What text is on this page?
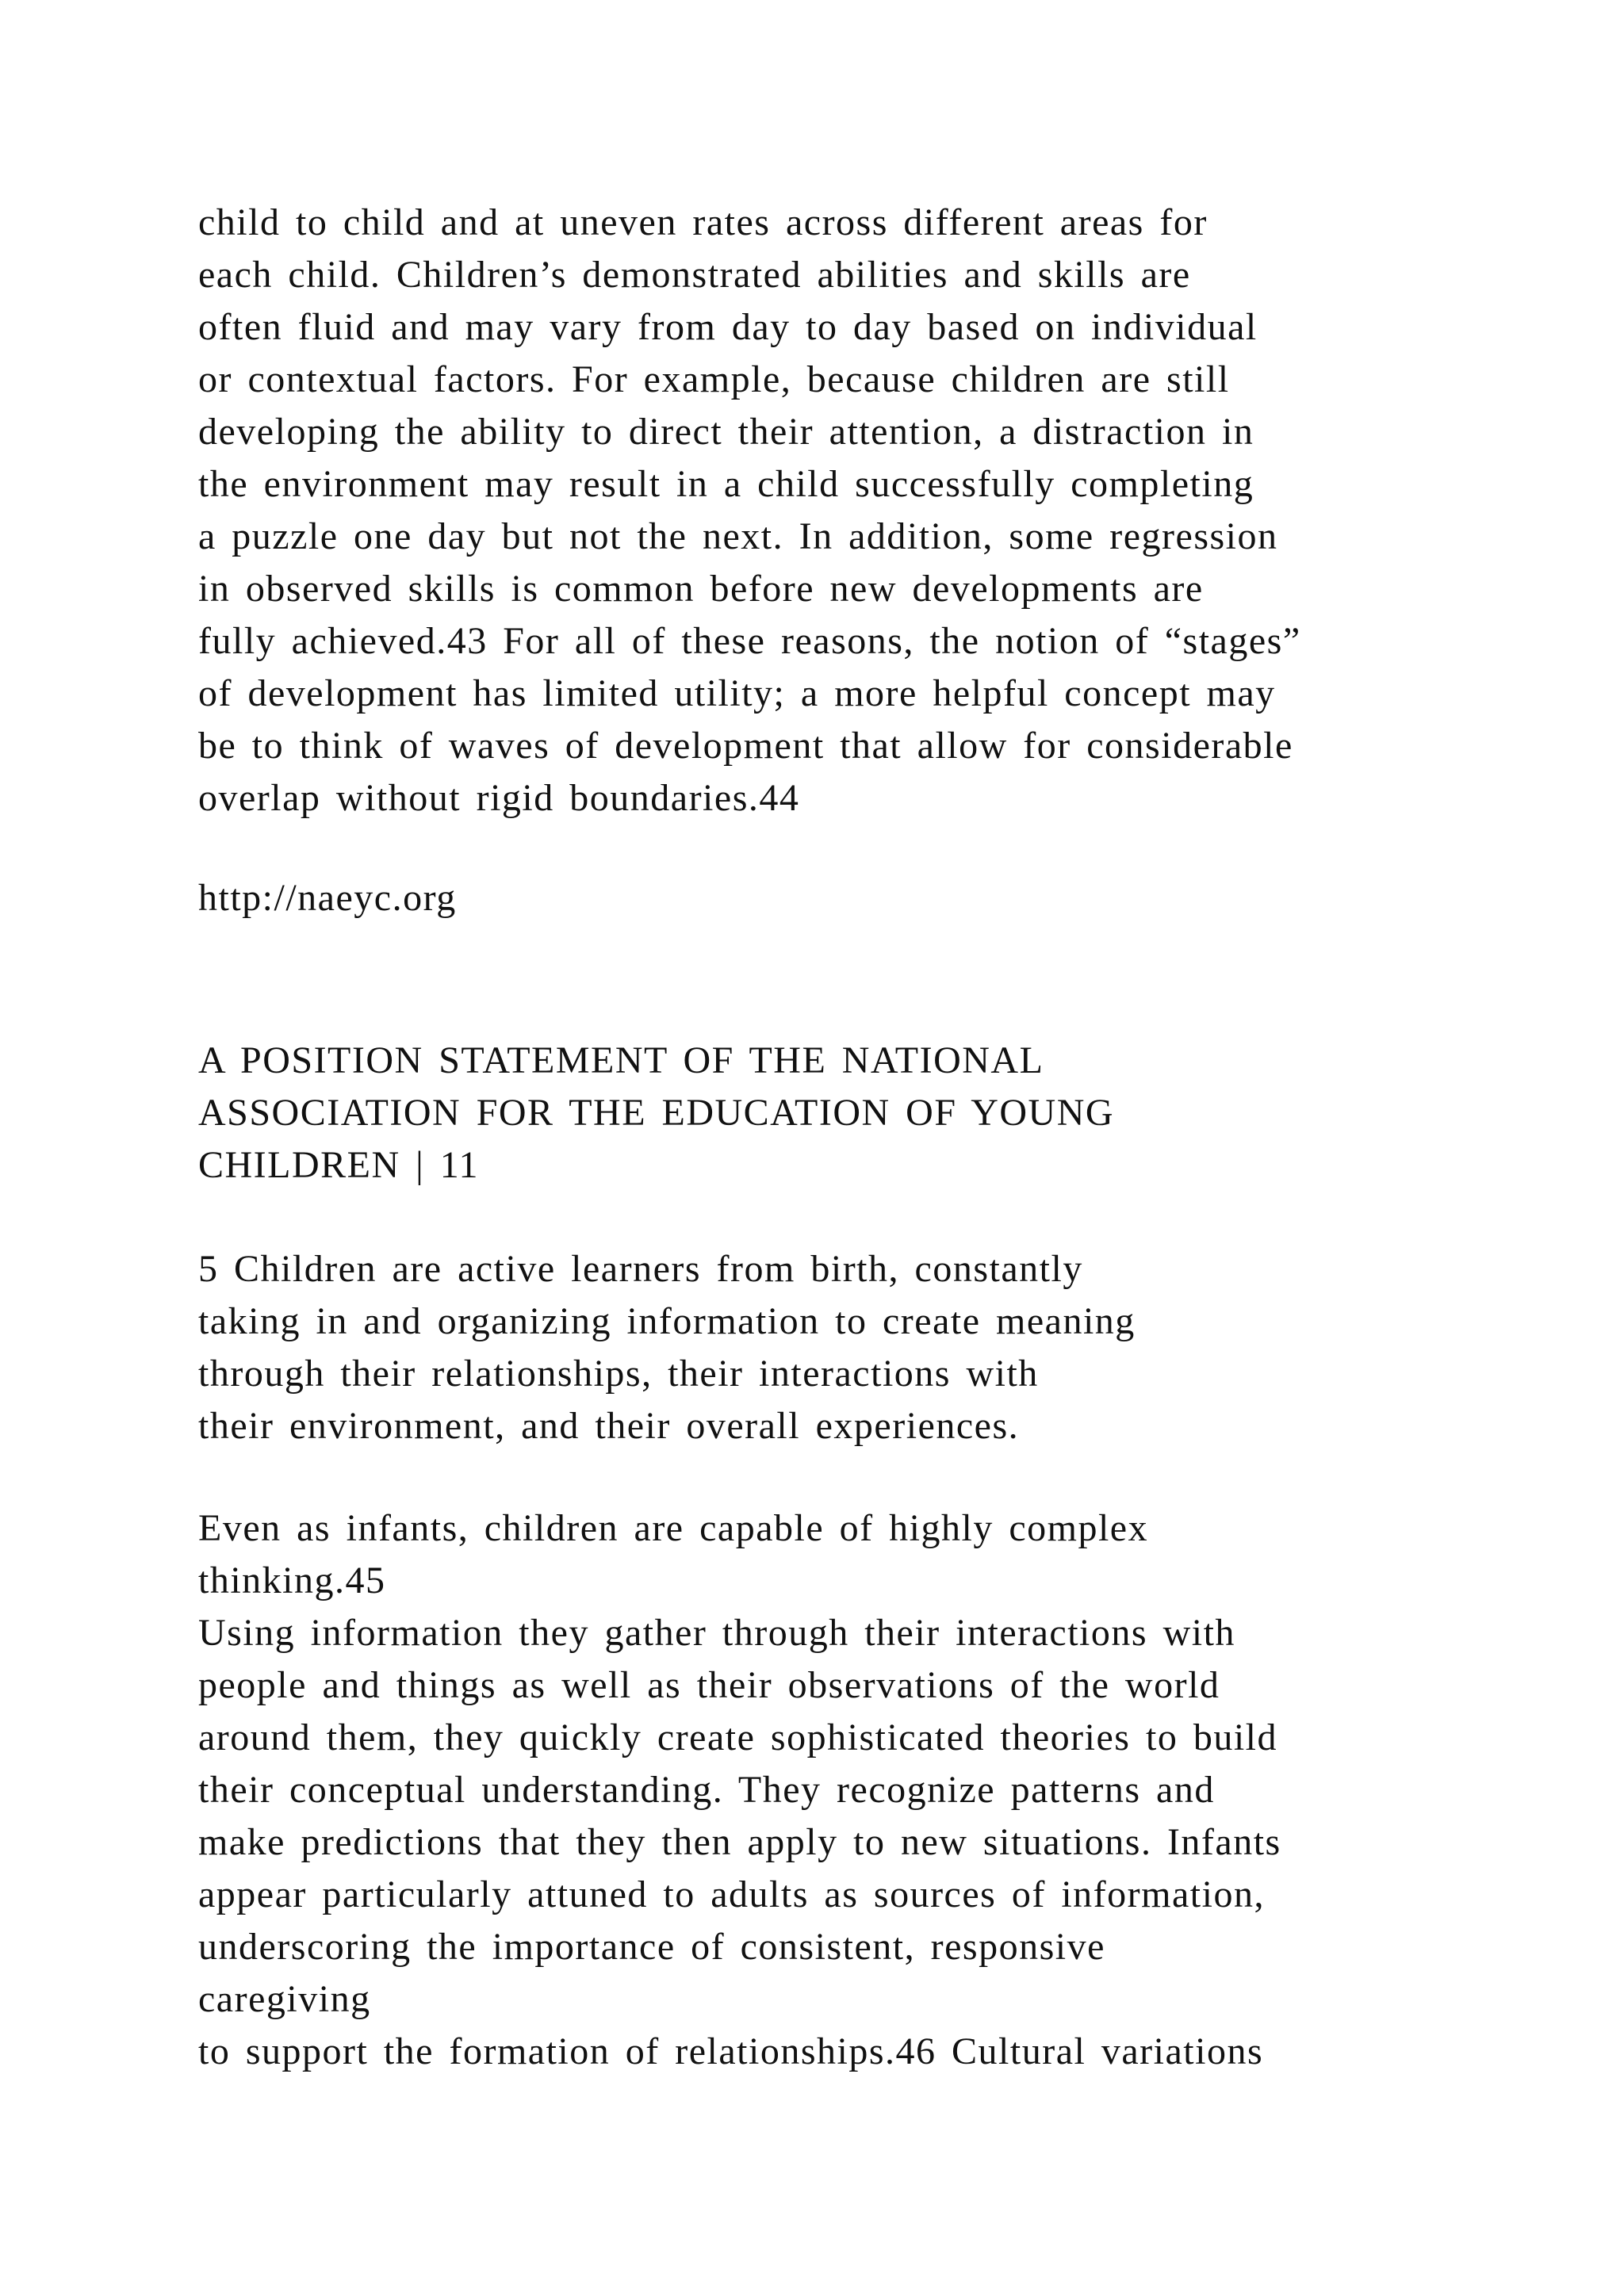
child to child and at uneven rates across different areas for
each child. Children’s demonstrated abilities and skills are
often fluid and may vary from day to day based on individual
or contextual factors. For example, because children are still
developing the ability to direct their attention, a distraction in
the environment may result in a child successfully completing
a puzzle one day but not the next. In addition, some regression
in observed skills is common before new developments are
fully achieved.43 For all of these reasons, the notion of “stages”
of development has limited utility; a more helpful concept may
be to think of waves of development that allow for considerable
overlap without rigid boundaries.44

http://naeyc.org

A POSITION STATEMENT OF THE NATIONAL
ASSOCIATION FOR THE EDUCATION OF YOUNG
CHILDREN | 11

5 Children are active learners from birth, constantly
taking in and organizing information to create meaning
through their relationships, their interactions with
their environment, and their overall experiences.

Even as infants, children are capable of highly complex
thinking.45
Using information they gather through their interactions with
people and things as well as their observations of the world
around them, they quickly create sophisticated theories to build
their conceptual understanding. They recognize patterns and
make predictions that they then apply to new situations. Infants
appear particularly attuned to adults as sources of information,
underscoring the importance of consistent, responsive
caregiving
to support the formation of relationships.46 Cultural variations
